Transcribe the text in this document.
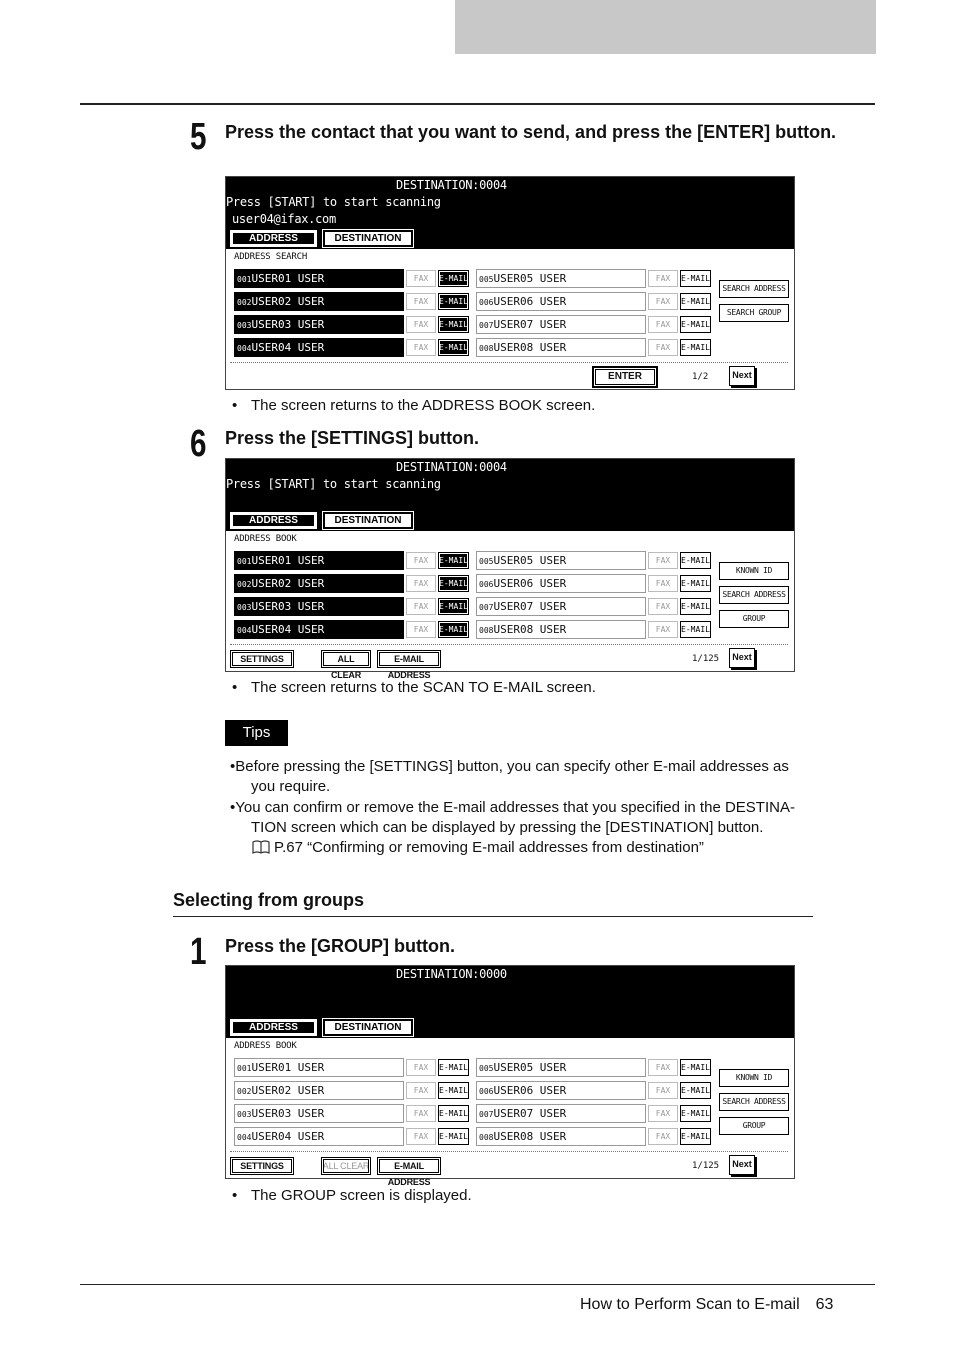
5	Press the contact that you want to send, and press the [ENTER] button.
DESTINATION:0004
Press [START] to start scanning
user04@ifax.com
ADDRESS	DESTINATION
ADDRESS SEARCH
001USER01 USER	FAX	E-MAIL
002USER02 USER	FAX	E-MAIL
003USER03 USER	FAX	E-MAIL
004USER04 USER	FAX	E-MAIL
005USER05 USER	FAX	E-MAIL
006USER06 USER	FAX	E-MAIL
007USER07 USER	FAX	E-MAIL
008USER08 USER	FAX	E-MAIL
SEARCH ADDRESS
SEARCH GROUP
ENTER	1/2	Next
• The screen returns to the ADDRESS BOOK screen.
6	Press the [SETTINGS] button.
DESTINATION:0004
Press [START] to start scanning
ADDRESS	DESTINATION
ADDRESS BOOK
001USER01 USER	FAX	E-MAIL
002USER02 USER	FAX	E-MAIL
003USER03 USER	FAX	E-MAIL
004USER04 USER	FAX	E-MAIL
005USER05 USER	FAX	E-MAIL
006USER06 USER	FAX	E-MAIL
007USER07 USER	FAX	E-MAIL
008USER08 USER	FAX	E-MAIL
KNOWN ID
SEARCH ADDRESS
GROUP
SETTINGS	ALL CLEAR
E-MAIL ADDRESS
1/125	Next
• The screen returns to the SCAN TO E-MAIL screen.
Tips
•Before pressing the [SETTINGS] button, you can specify other E-mail addresses as
you require.
•You can confirm or remove the E-mail addresses that you specified in the DESTINA-
TION screen which can be displayed by pressing the [DESTINATION] button.
P.67 “Confirming or removing E-mail addresses from destination”
Selecting from groups
1	Press the [GROUP] button.
DESTINATION:0000
ADDRESS	DESTINATION
ADDRESS BOOK
001USER01 USER	FAX	E-MAIL
002USER02 USER	FAX	E-MAIL
003USER03 USER	FAX	E-MAIL
004USER04 USER	FAX	E-MAIL
005USER05 USER	FAX	E-MAIL
006USER06 USER	FAX	E-MAIL
007USER07 USER	FAX	E-MAIL
008USER08 USER	FAX	E-MAIL
KNOWN ID
SEARCH ADDRESS
GROUP
SETTINGS	ALL CLEAR	E-MAIL ADDRESS
1/125	Next
• The GROUP screen is displayed.
How to Perform Scan to E-mail 63
